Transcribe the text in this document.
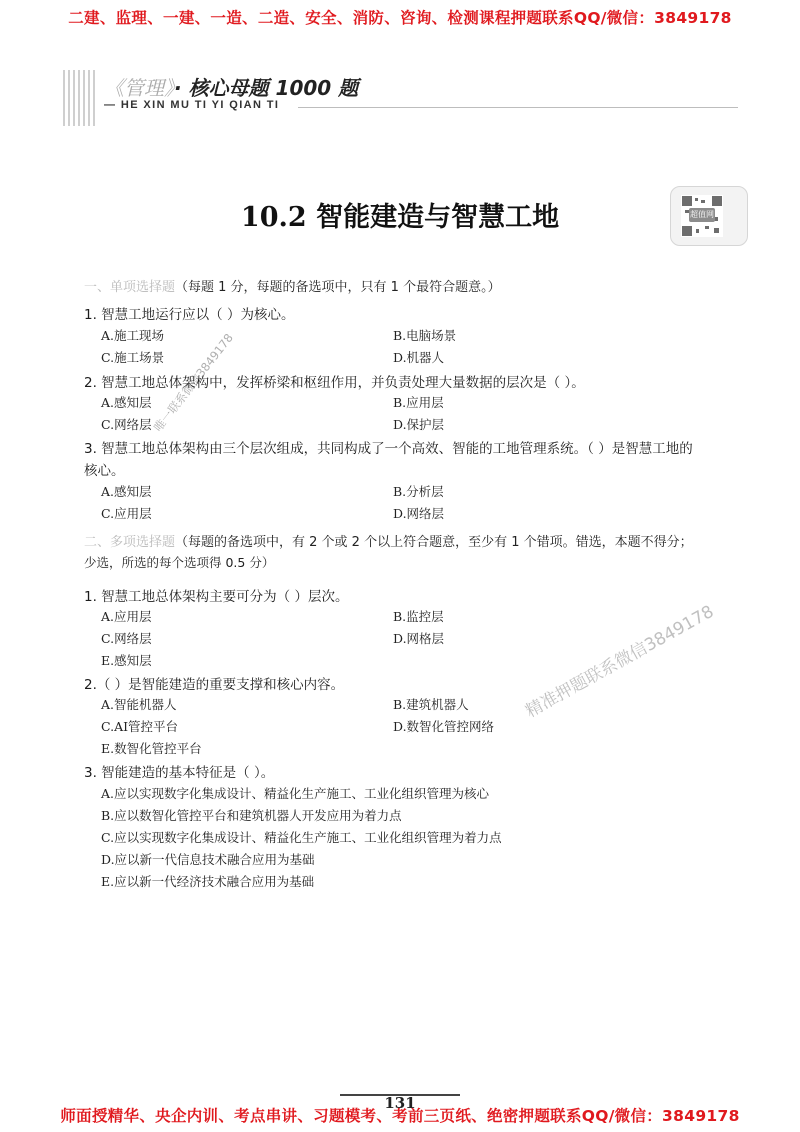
二建、监理、一建、一造、二造、安全、消防、咨询、检测课程押题联系QQ/微信：3849178
师面授精华、央企内训、考点串讲、习题模考、考前三页纸、绝密押题联系QQ/微信：3849178
《管理》· 核心母题 1000 题
— HE XIN MU TI YI QIAN TI
10.2 智能建造与智慧工地	超值网
一、单项选择题（每题 1 分，每题的备选项中，只有 1 个最符合题意。）
1. 智慧工地运行应以（ ）为核心。
A.施工现场	B.电脑场景
C.施工场景	D.机器人
2. 智慧工地总体架构中，发挥桥梁和枢纽作用，并负责处理大量数据的层次是（ ）。
A.感知层	B.应用层
C.网络层	D.保护层
3. 智慧工地总体架构由三个层次组成，共同构成了一个高效、智能的工地管理系统。（ ）是智慧工地的
核心。
A.感知层	B.分析层
C.应用层	D.网络层
二、多项选择题（每题的备选项中，有 2 个或 2 个以上符合题意，至少有 1 个错项。错选，本题不得分；
少选，所选的每个选项得 0.5 分）
1. 智慧工地总体架构主要可分为（ ）层次。
A.应用层	B.监控层
C.网络层	D.网格层
E.感知层
2.（ ）是智能建造的重要支撑和核心内容。
A.智能机器人	B.建筑机器人
C.AI管控平台	D.数智化管控网络
E.数智化管控平台
3. 智能建造的基本特征是（ ）。
A.应以实现数字化集成设计、精益化生产施工、工业化组织管理为核心
B.应以数智化管控平台和建筑机器人开发应用为着力点
C.应以实现数字化集成设计、精益化生产施工、工业化组织管理为着力点
D.应以新一代信息技术融合应用为基础
E.应以新一代经济技术融合应用为基础
唯一联系微信3849178
精准押题联系微信3849178
131
